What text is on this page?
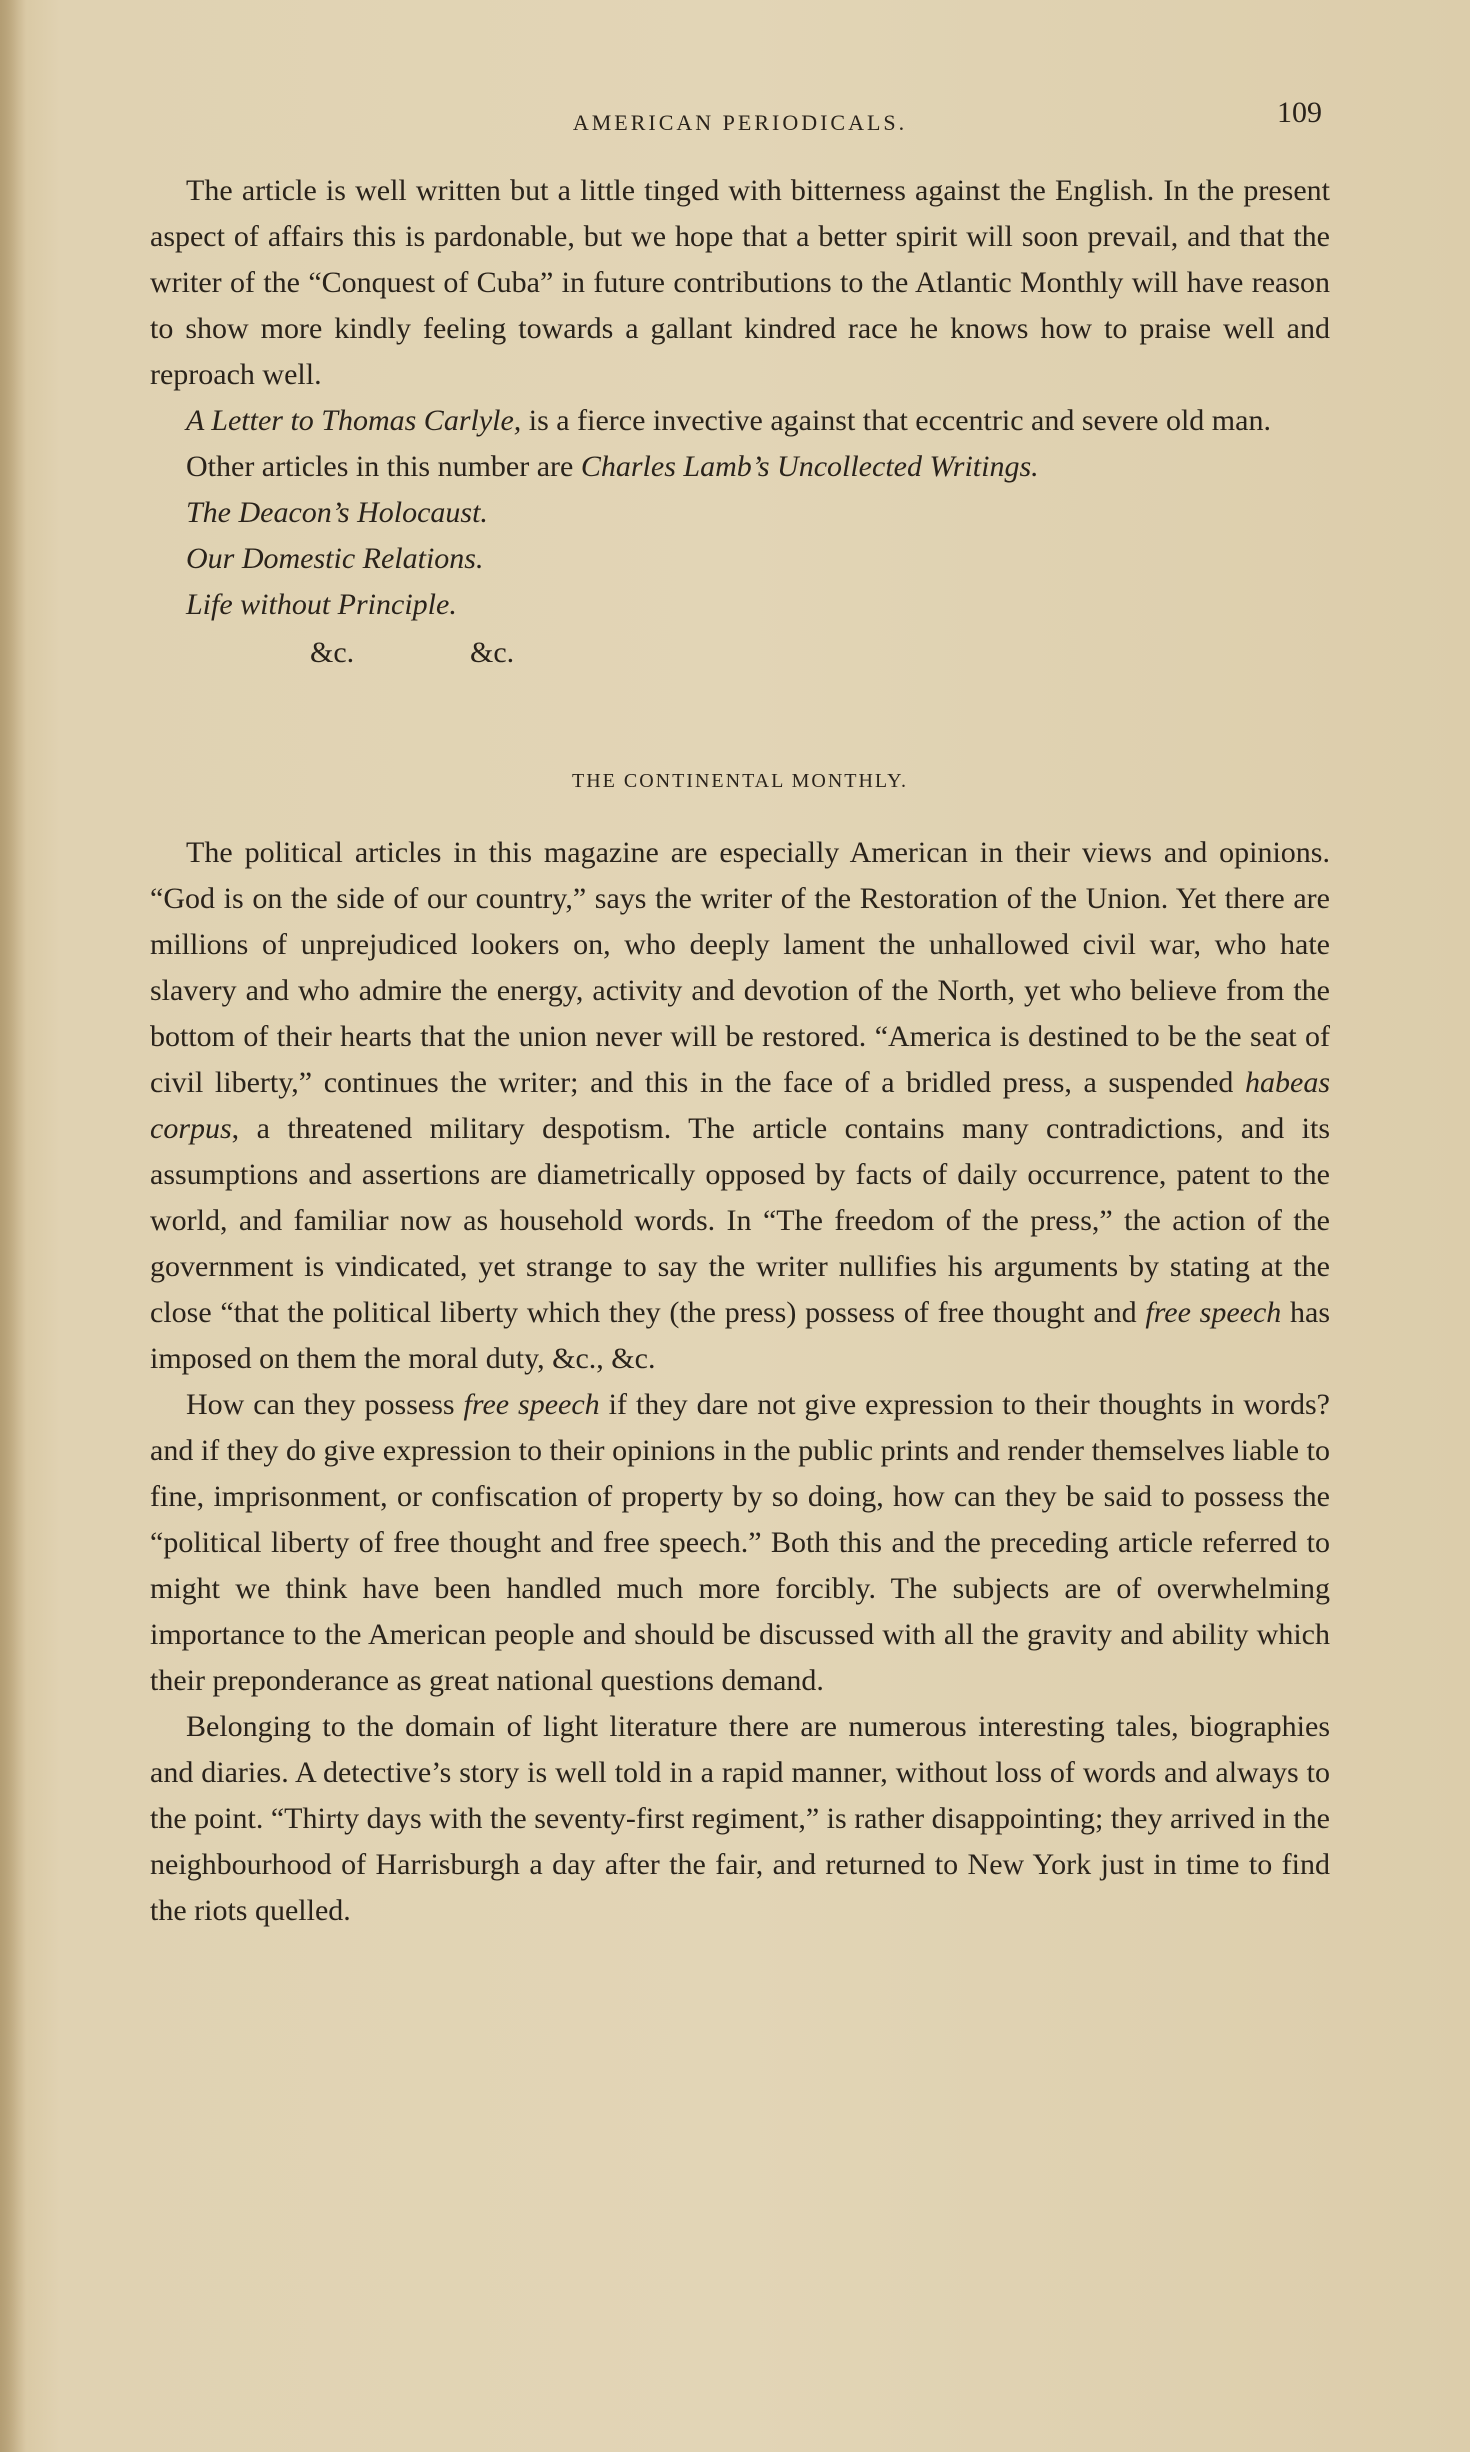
AMERICAN PERIODICALS.	109

The article is well written but a little tinged with bitterness against the English. In the present aspect of affairs this is pardonable, but we hope that a better spirit will soon prevail, and that the writer of the “Conquest of Cuba” in future contributions to the Atlantic Monthly will have reason to show more kindly feeling towards a gallant kindred race he knows how to praise well and reproach well.

A Letter to Thomas Carlyle, is a fierce invective against that eccentric and severe old man.

Other articles in this number are Charles Lamb’s Uncollected Writings.

The Deacon’s Holocaust.

Our Domestic Relations.

Life without Principle.

&c.	&c.
THE CONTINENTAL MONTHLY.

The political articles in this magazine are especially American in their views and opinions. “God is on the side of our country,” says the writer of the Restoration of the Union. Yet there are millions of unprejudiced lookers on, who deeply lament the unhallowed civil war, who hate slavery and who admire the energy, activity and devotion of the North, yet who believe from the bottom of their hearts that the union never will be restored. “America is destined to be the seat of civil liberty,” continues the writer; and this in the face of a bridled press, a suspended habeas corpus, a threatened military despotism. The article contains many contradictions, and its assumptions and assertions are diametrically opposed by facts of daily occurrence, patent to the world, and familiar now as household words. In “The freedom of the press,” the action of the government is vindicated, yet strange to say the writer nullifies his arguments by stating at the close “that the political liberty which they (the press) possess of free thought and free speech has imposed on them the moral duty, &c., &c.

How can they possess free speech if they dare not give expression to their thoughts in words? and if they do give expression to their opinions in the public prints and render themselves liable to fine, imprisonment, or confiscation of property by so doing, how can they be said to possess the “political liberty of free thought and free speech.” Both this and the preceding article referred to might we think have been handled much more forcibly. The subjects are of overwhelming importance to the American people and should be discussed with all the gravity and ability which their preponderance as great national questions demand.

Belonging to the domain of light literature there are numerous interesting tales, biographies and diaries. A detective’s story is well told in a rapid manner, without loss of words and always to the point. “Thirty days with the seventy-first regiment,” is rather disappointing; they arrived in the neighbourhood of Harrisburgh a day after the fair, and returned to New York just in time to find the riots quelled.
